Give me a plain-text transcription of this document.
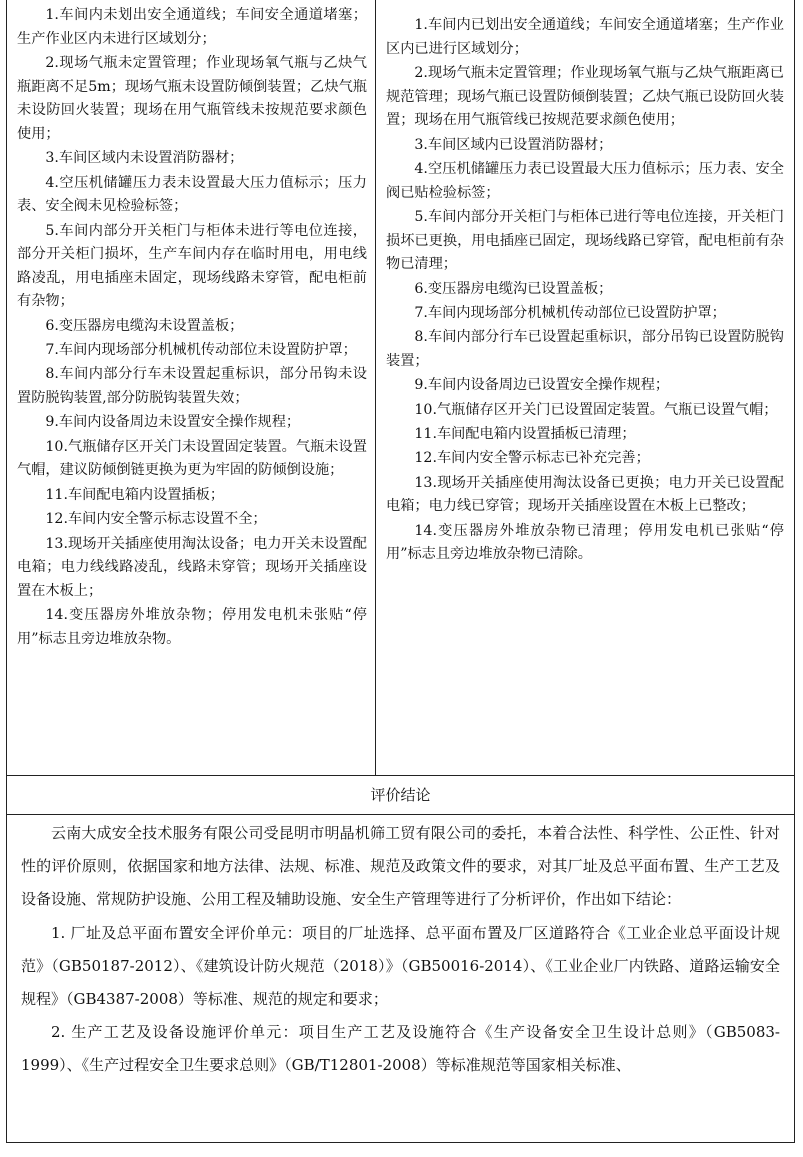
1.车间内未划出安全通道线；车间安全通道堵塞；生产作业区内未进行区域划分；

2.现场气瓶未定置管理；作业现场氧气瓶与乙炔气瓶距离不足5m；现场气瓶未设置防倾倒装置；乙炔气瓶未设防回火装置；现场在用气瓶管线未按规范要求颜色使用；

3.车间区域内未设置消防器材；

4.空压机储罐压力表未设置最大压力值标示；压力表、安全阀未见检验标签；

5.车间内部分开关柜门与柜体未进行等电位连接，部分开关柜门损坏，生产车间内存在临时用电，用电线路凌乱，用电插座未固定，现场线路未穿管，配电柜前有杂物；

6.变压器房电缆沟未设置盖板；

7.车间内现场部分机械机传动部位未设置防护罩；

8.车间内部分行车未设置起重标识，部分吊钩未设置防脱钩装置,部分防脱钩装置失效；

9.车间内设备周边未设置安全操作规程；

10.气瓶储存区开关门未设置固定装置。气瓶未设置气帽，建议防倾倒链更换为更为牢固的防倾倒设施；

11.车间配电箱内设置插板；

12.车间内安全警示标志设置不全；

13.现场开关插座使用淘汰设备；电力开关未设置配电箱；电力线线路凌乱，线路未穿管；现场开关插座设置在木板上；

14.变压器房外堆放杂物；停用发电机未张贴“停用”标志且旁边堆放杂物。

1.车间内已划出安全通道线；车间安全通道堵塞；生产作业区内已进行区域划分；

2.现场气瓶未定置管理；作业现场氧气瓶与乙炔气瓶距离已规范管理；现场气瓶已设置防倾倒装置；乙炔气瓶已设防回火装置；现场在用气瓶管线已按规范要求颜色使用；

3.车间区域内已设置消防器材；

4.空压机储罐压力表已设置最大压力值标示；压力表、安全阀已贴检验标签；

5.车间内部分开关柜门与柜体已进行等电位连接，开关柜门损坏已更换，用电插座已固定，现场线路已穿管，配电柜前有杂物已清理；

6.变压器房电缆沟已设置盖板；

7.车间内现场部分机械机传动部位已设置防护罩；

8.车间内部分行车已设置起重标识，部分吊钩已设置防脱钩装置；

9.车间内设备周边已设置安全操作规程；

10.气瓶储存区开关门已设置固定装置。气瓶已设置气帽；

11.车间配电箱内设置插板已清理；

12.车间内安全警示标志已补充完善；

13.现场开关插座使用淘汰设备已更换；电力开关已设置配电箱；电力线已穿管；现场开关插座设置在木板上已整改；

14.变压器房外堆放杂物已清理；停用发电机已张贴“停用”标志且旁边堆放杂物已清除。

评价结论

云南大成安全技术服务有限公司受昆明市明晶机筛工贸有限公司的委托，本着合法性、科学性、公正性、针对性的评价原则，依据国家和地方法律、法规、标准、规范及政策文件的要求，对其厂址及总平面布置、生产工艺及设备设施、常规防护设施、公用工程及辅助设施、安全生产管理等进行了分析评价，作出如下结论：

1. 厂址及总平面布置安全评价单元：项目的厂址选择、总平面布置及厂区道路符合《工业企业总平面设计规范》（GB50187-2012）、《建筑设计防火规范（2018）》（GB50016-2014）、《工业企业厂内铁路、道路运输安全规程》（GB4387-2008）等标准、规范的规定和要求；

2. 生产工艺及设备设施评价单元：项目生产工艺及设施符合《生产设备安全卫生设计总则》（GB5083-1999）、《生产过程安全卫生要求总则》（GB/T12801-2008）等标准规范等国家相关标准、
